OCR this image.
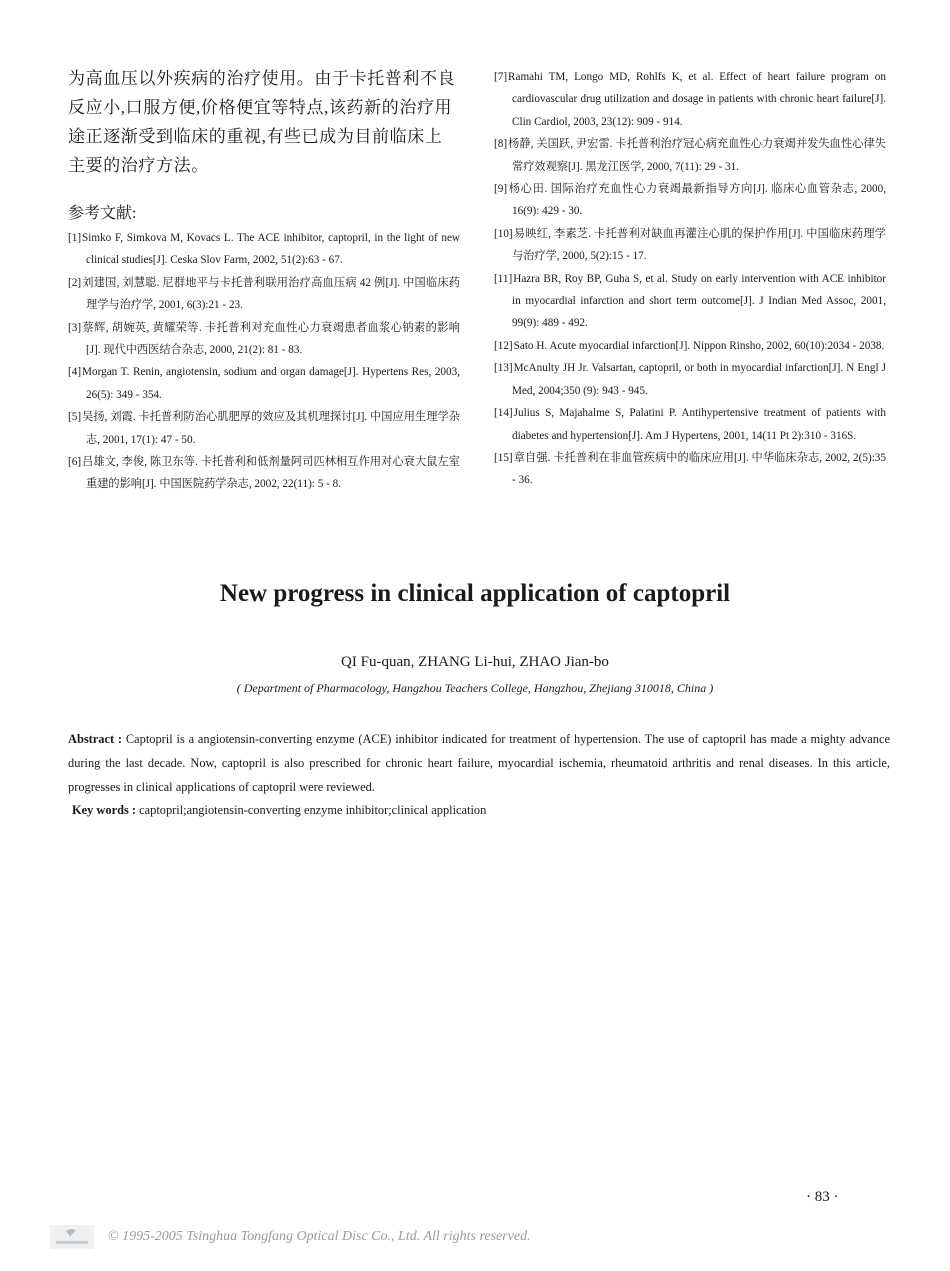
为高血压以外疾病的治疗使用。由于卡托普利不良反应小,口服方便,价格便宜等特点,该药新的治疗用途正逐渐受到临床的重视,有些已成为目前临床上主要的治疗方法。

参考文献:
[1]Simko F, Simkova M, Kovacs L. The ACE inhibitor, captopril, in the light of new clinical studies[J]. Ceska Slov Farm, 2002, 51(2):63 - 67.
[2]刘建国, 刘慧聪. 尼群地平与卡托普利联用治疗高血压病 42 例[J]. 中国临床药理学与治疗学, 2001, 6(3):21 - 23.
[3]蔡辉, 胡婉英, 黄耀荣等. 卡托普利对充血性心力衰竭患者血浆心钠素的影响[J]. 现代中西医结合杂志, 2000, 21(2): 81 - 83.
[4]Morgan T. Renin, angiotensin, sodium and organ damage[J]. Hypertens Res, 2003, 26(5): 349 - 354.
[5]吴扬, 刘霞. 卡托普利防治心肌肥厚的效应及其机理探讨[J]. 中国应用生理学杂志, 2001, 17(1): 47 - 50.
[6]吕雄文, 李俊, 陈卫东等. 卡托普利和低剂量阿司匹林相互作用对心衰大鼠左室重建的影响[J]. 中国医院药学杂志, 2002, 22(11): 5 - 8.
[7]Ramahi TM, Longo MD, Rohlfs K, et al. Effect of heart failure program on cardiovascular drug utilization and dosage in patients with chronic heart failure[J]. Clin Cardiol, 2003, 23(12): 909 - 914.
[8]杨静, 关国跃, 尹宏雷. 卡托普利治疗冠心病充血性心力衰竭并发失血性心律失常疗效观察[J]. 黑龙江医学, 2000, 7(11): 29 - 31.
[9]杨心田. 国际治疗充血性心力衰竭最新指导方向[J]. 临床心血管杂志, 2000, 16(9): 429 - 30.
[10]易映红, 李素芝. 卡托普利对缺血再灌注心肌的保护作用[J]. 中国临床药理学与治疗学, 2000, 5(2):15 - 17.
[11]Hazra BR, Roy BP, Guha S, et al. Study on early intervention with ACE inhibitor in myocardial infarction and short term outcome[J]. J Indian Med Assoc, 2001, 99(9): 489 - 492.
[12]Sato H. Acute myocardial infarction[J]. Nippon Rinsho, 2002, 60(10):2034 - 2038.
[13]McAnulty JH Jr. Valsartan, captopril, or both in myocardial infarction[J]. N Engl J Med, 2004;350 (9): 943 - 945.
[14]Julius S, Majahalme S, Palatini P. Antihypertensive treatment of patients with diabetes and hypertension[J]. Am J Hypertens, 2001, 14(11 Pt 2):310 - 316S.
[15]章自强. 卡托普利在非血管疾病中的临床应用[J]. 中华临床杂志, 2002, 2(5):35 - 36.
New progress in clinical application of captopril

QI Fu-quan, ZHANG Li-hui, ZHAO Jian-bo

( Department of Pharmacology, Hangzhou Teachers College, Hangzhou, Zhejiang 310018, China )

Abstract : Captopril is a angiotensin-converting enzyme (ACE) inhibitor indicated for treatment of hypertension. The use of captopril has made a mighty advance during the last decade. Now, captopril is also prescribed for chronic heart failure, myocardial ischemia, rheumatoid arthritis and renal diseases. In this article, progresses in clinical applications of captopril were reviewed.

Key words : captopril;angiotensin-converting enzyme inhibitor;clinical application

· 83 ·

© 1995-2005 Tsinghua Tongfang Optical Disc Co., Ltd. All rights reserved.
